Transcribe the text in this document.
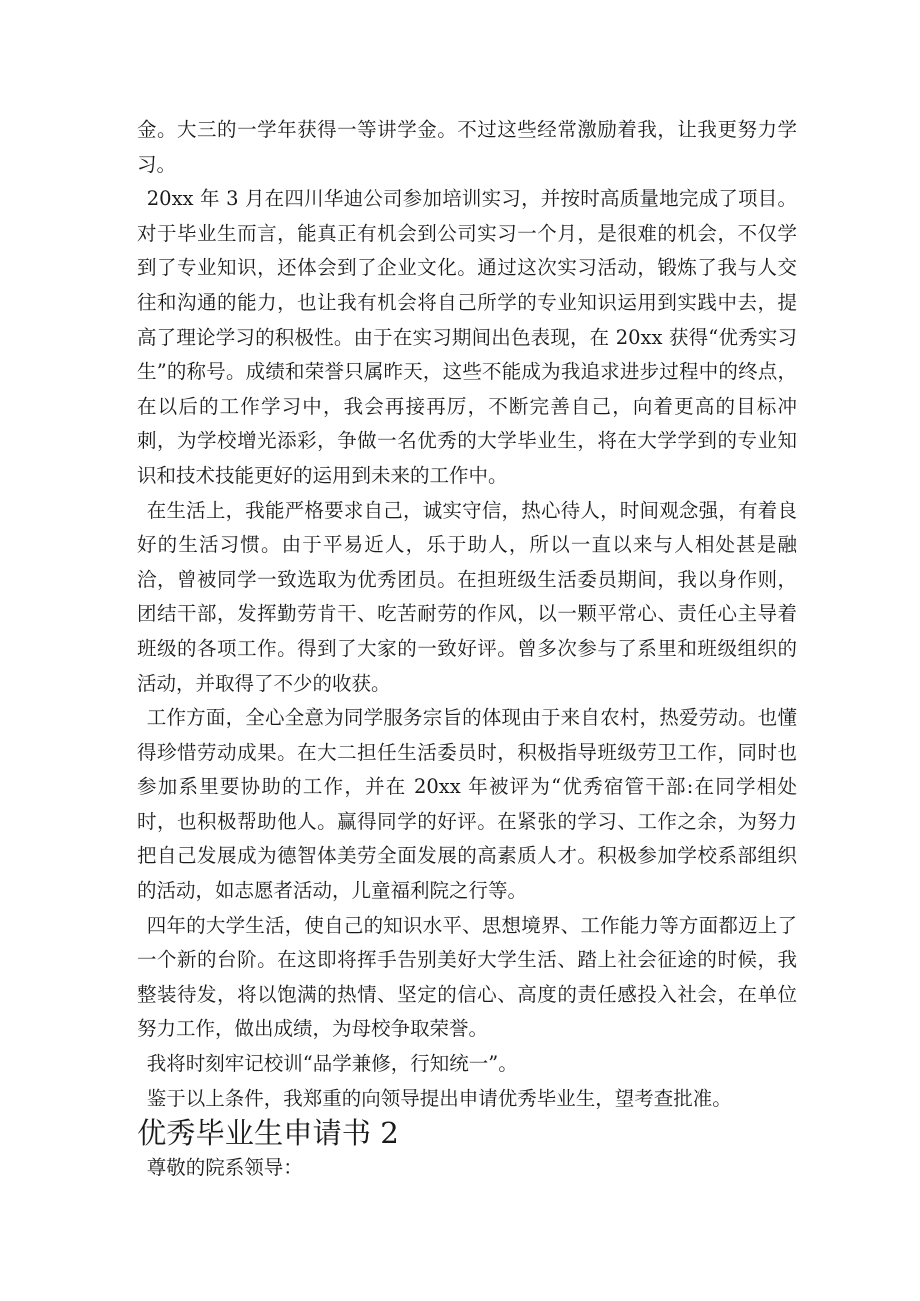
金。大三的一学年获得一等讲学金。不过这些经常激励着我，让我更努力学习。

20xx 年 3 月在四川华迪公司参加培训实习，并按时高质量地完成了项目。对于毕业生而言，能真正有机会到公司实习一个月，是很难的机会，不仅学到了专业知识，还体会到了企业文化。通过这次实习活动，锻炼了我与人交往和沟通的能力，也让我有机会将自己所学的专业知识运用到实践中去，提高了理论学习的积极性。由于在实习期间出色表现，在 20xx 获得“优秀实习生”的称号。成绩和荣誉只属昨天，这些不能成为我追求进步过程中的终点，在以后的工作学习中，我会再接再厉，不断完善自己，向着更高的目标冲刺，为学校增光添彩，争做一名优秀的大学毕业生，将在大学学到的专业知识和技术技能更好的运用到未来的工作中。

在生活上，我能严格要求自己，诚实守信，热心待人，时间观念强，有着良好的生活习惯。由于平易近人，乐于助人，所以一直以来与人相处甚是融洽，曾被同学一致选取为优秀团员。在担班级生活委员期间，我以身作则，团结干部，发挥勤劳肯干、吃苦耐劳的作风，以一颗平常心、责任心主导着班级的各项工作。得到了大家的一致好评。曾多次参与了系里和班级组织的活动，并取得了不少的收获。

工作方面，全心全意为同学服务宗旨的体现由于来自农村，热爱劳动。也懂得珍惜劳动成果。在大二担任生活委员时，积极指导班级劳卫工作，同时也参加系里要协助的工作，并在 20xx 年被评为“优秀宿管干部:在同学相处时，也积极帮助他人。赢得同学的好评。在紧张的学习、工作之余，为努力把自己发展成为德智体美劳全面发展的高素质人才。积极参加学校系部组织的活动，如志愿者活动，儿童福利院之行等。

四年的大学生活，使自己的知识水平、思想境界、工作能力等方面都迈上了一个新的台阶。在这即将挥手告别美好大学生活、踏上社会征途的时候，我整装待发，将以饱满的热情、坚定的信心、高度的责任感投入社会，在单位努力工作，做出成绩，为母校争取荣誉。

我将时刻牢记校训“品学兼修，行知统一”。

鉴于以上条件，我郑重的向领导提出申请优秀毕业生，望考查批准。

优秀毕业生申请书 2

尊敬的院系领导：
